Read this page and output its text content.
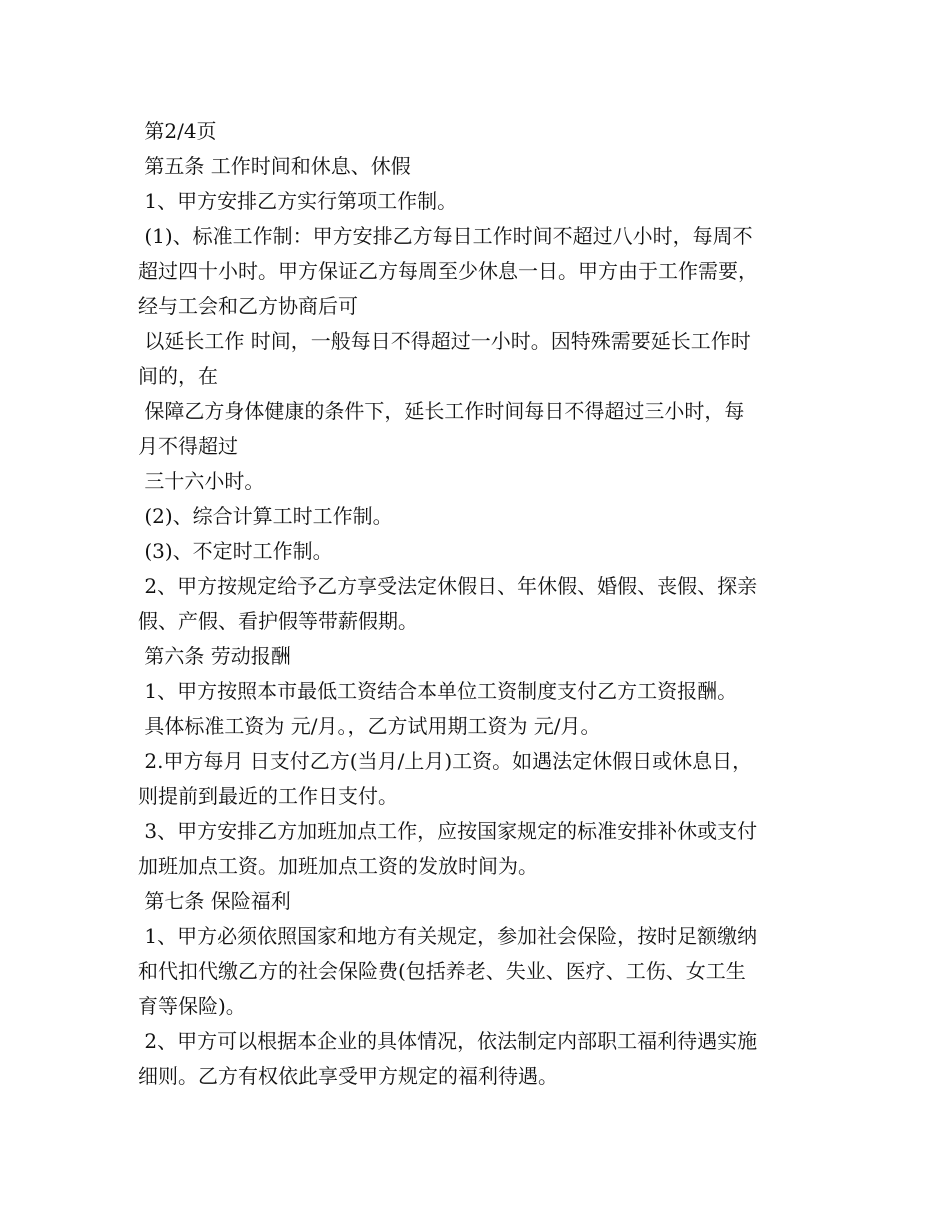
第2/4页
第五条 工作时间和休息、休假
1、甲方安排乙方实行第项工作制。
(1)、标准工作制：甲方安排乙方每日工作时间不超过八小时，每周不
超过四十小时。甲方保证乙方每周至少休息一日。甲方由于工作需要，
经与工会和乙方协商后可
以延长工作 时间，一般每日不得超过一小时。因特殊需要延长工作时
间的，在
保障乙方身体健康的条件下，延长工作时间每日不得超过三小时，每
月不得超过
三十六小时。
(2)、综合计算工时工作制。
(3)、不定时工作制。
2、甲方按规定给予乙方享受法定休假日、年休假、婚假、丧假、探亲
假、产假、看护假等带薪假期。
第六条 劳动报酬
1、甲方按照本市最低工资结合本单位工资制度支付乙方工资报酬。
具体标准工资为 元/月。，乙方试用期工资为 元/月。
2.甲方每月 日支付乙方(当月/上月)工资。如遇法定休假日或休息日，
则提前到最近的工作日支付。
3、甲方安排乙方加班加点工作，应按国家规定的标准安排补休或支付
加班加点工资。加班加点工资的发放时间为。
第七条 保险福利
1、甲方必须依照国家和地方有关规定，参加社会保险，按时足额缴纳
和代扣代缴乙方的社会保险费(包括养老、失业、医疗、工伤、女工生
育等保险)。
2、甲方可以根据本企业的具体情况，依法制定内部职工福利待遇实施
细则。乙方有权依此享受甲方规定的福利待遇。
